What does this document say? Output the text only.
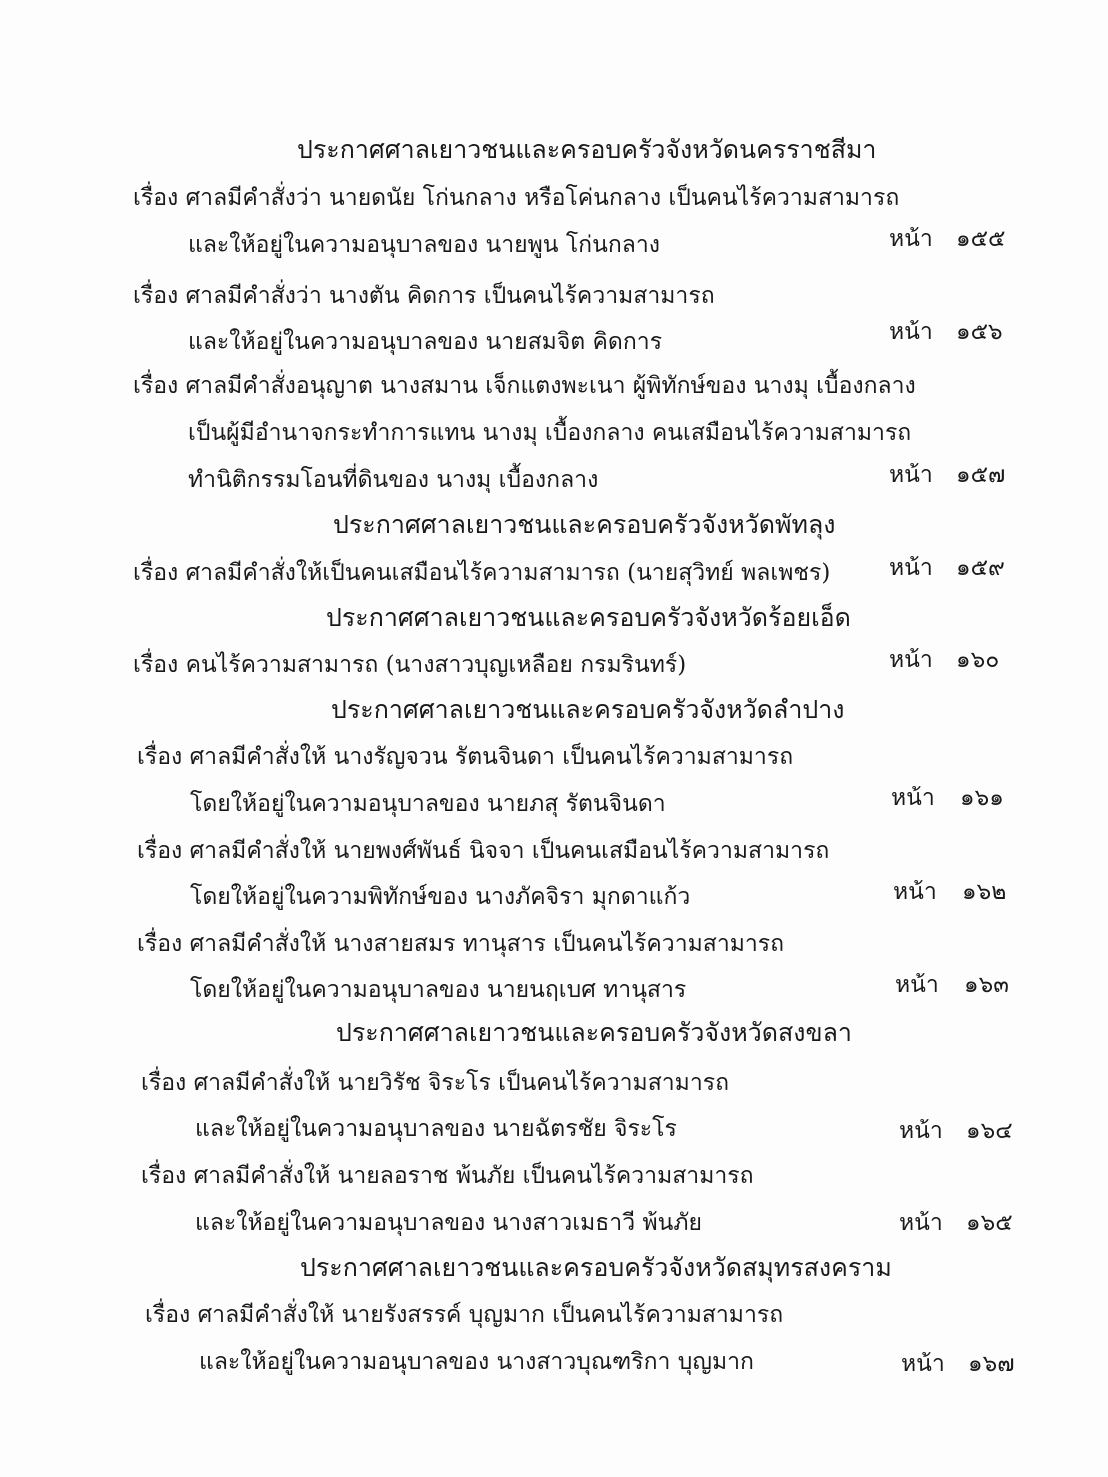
ประกาศศาลเยาวชนและครอบครัวจังหวัดนครราชสีมา
เรื่อง ศาลมีคำสั่งว่า นายดนัย โก่นกลาง หรือโค่นกลาง เป็นคนไร้ความสามารถ
และให้อยู่ในความอนุบาลของ นายพูน โก่นกลาง	หน้า ๑๕๕
เรื่อง ศาลมีคำสั่งว่า นางตัน คิดการ เป็นคนไร้ความสามารถ
และให้อยู่ในความอนุบาลของ นายสมจิต คิดการ	หน้า ๑๕๖
เรื่อง ศาลมีคำสั่งอนุญาต นางสมาน เจ็กแตงพะเนา ผู้พิทักษ์ของ นางมุ เบื้องกลาง
เป็นผู้มีอำนาจกระทำการแทน นางมุ เบื้องกลาง คนเสมือนไร้ความสามารถ
ทำนิติกรรมโอนที่ดินของ นางมุ เบื้องกลาง	หน้า ๑๕๗
ประกาศศาลเยาวชนและครอบครัวจังหวัดพัทลุง
เรื่อง ศาลมีคำสั่งให้เป็นคนเสมือนไร้ความสามารถ (นายสุวิทย์ พลเพชร)	หน้า ๑๕๙
ประกาศศาลเยาวชนและครอบครัวจังหวัดร้อยเอ็ด
เรื่อง คนไร้ความสามารถ (นางสาวบุญเหลือย กรมรินทร์)	หน้า ๑๖๐
ประกาศศาลเยาวชนและครอบครัวจังหวัดลำปาง
เรื่อง ศาลมีคำสั่งให้ นางรัญจวน รัตนจินดา เป็นคนไร้ความสามารถ
โดยให้อยู่ในความอนุบาลของ นายภสุ รัตนจินดา	หน้า ๑๖๑
เรื่อง ศาลมีคำสั่งให้ นายพงศ์พันธ์ นิจจา เป็นคนเสมือนไร้ความสามารถ
โดยให้อยู่ในความพิทักษ์ของ นางภัคจิรา มุกดาแก้ว	หน้า ๑๖๒
เรื่อง ศาลมีคำสั่งให้ นางสายสมร ทานุสาร เป็นคนไร้ความสามารถ
โดยให้อยู่ในความอนุบาลของ นายนฤเบศ ทานุสาร	หน้า ๑๖๓
ประกาศศาลเยาวชนและครอบครัวจังหวัดสงขลา
เรื่อง ศาลมีคำสั่งให้ นายวิรัช จิระโร เป็นคนไร้ความสามารถ
และให้อยู่ในความอนุบาลของ นายฉัตรชัย จิระโร	หน้า ๑๖๔
เรื่อง ศาลมีคำสั่งให้ นายลอราช พ้นภัย เป็นคนไร้ความสามารถ
และให้อยู่ในความอนุบาลของ นางสาวเมธาวี พ้นภัย	หน้า ๑๖๕
ประกาศศาลเยาวชนและครอบครัวจังหวัดสมุทรสงคราม
เรื่อง ศาลมีคำสั่งให้ นายรังสรรค์ บุญมาก เป็นคนไร้ความสามารถ
และให้อยู่ในความอนุบาลของ นางสาวบุณฑริกา บุญมาก	หน้า ๑๖๗
